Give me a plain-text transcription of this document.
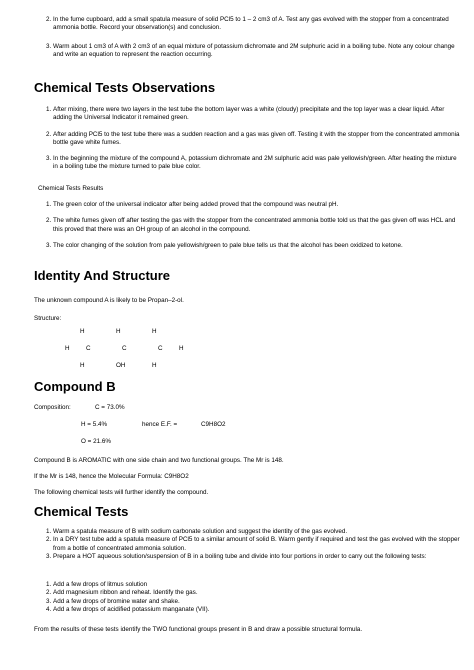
2. In the fume cupboard, add a small spatula measure of solid PCl5 to 1 – 2 cm3 of A. Test any gas evolved with the stopper from a concentrated ammonia bottle. Record your observation(s) and conclusion.
3. Warm about 1 cm3 of A with 2 cm3 of an equal mixture of potassium dichromate and 2M sulphuric acid in a boiling tube. Note any colour change and write an equation to represent the reaction occurring.
Chemical Tests Observations
1. After mixing, there were two layers in the test tube the bottom layer was a white (cloudy) precipitate and the top layer was a clear liquid. After adding the Universal Indicator it remained green.
2. After adding PCl5 to the test tube there was a sudden reaction and a gas was given off. Testing it with the stopper from the concentrated ammonia bottle gave white fumes.
3. In the beginning the mixture of the compound A, potassium dichromate and 2M sulphuric acid was pale yellowish/green. After heating the mixture in a boiling tube the mixture turned to pale blue color.

Chemical Tests Results

1. The green color of the universal indicator after being added proved that the compound was neutral pH.
2. The white fumes given off after testing the gas with the stopper from the concentrated ammonia bottle told us that the gas given off was HCL and this proved that there was an OH group of an alcohol in the compound.
3. The color changing of the solution from pale yellowish/green to pale blue tells us that the alcohol has been oxidized to ketone.
Identity And Structure

The unknown compound A is likely to be Propan–2-ol.

Structure:

H	H	H
H	C	C	C	H
H	OH	H
Compound B
Composition:	C = 73.0%
H = 5.4%	hence E.F. =	C9H8O2
O = 21.6%

Compound B is AROMATIC with one side chain and two functional groups. The Mr is 148.

If the Mr is 148, hence the Molecular Formula: C9H8O2

The following chemical tests will further identify the compound.

Chemical Tests
1. Warm a spatula measure of B with sodium carbonate solution and suggest the identity of the gas evolved.
2. In a DRY test tube add a spatula measure of PCl5 to a similar amount of solid B. Warm gently if required and test the gas evolved with the stopper from a bottle of concentrated ammonia solution.
3. Prepare a HOT aqueous solution/suspension of B in a boiling tube and divide into four portions in order to carry out the following tests:
1. Add a few drops of litmus solution
2. Add magnesium ribbon and reheat. Identify the gas.
3. Add a few drops of bromine water and shake.
4. Add a few drops of acidified potassium manganate (VII).

From the results of these tests identify the TWO functional groups present in B and draw a possible structural formula.
